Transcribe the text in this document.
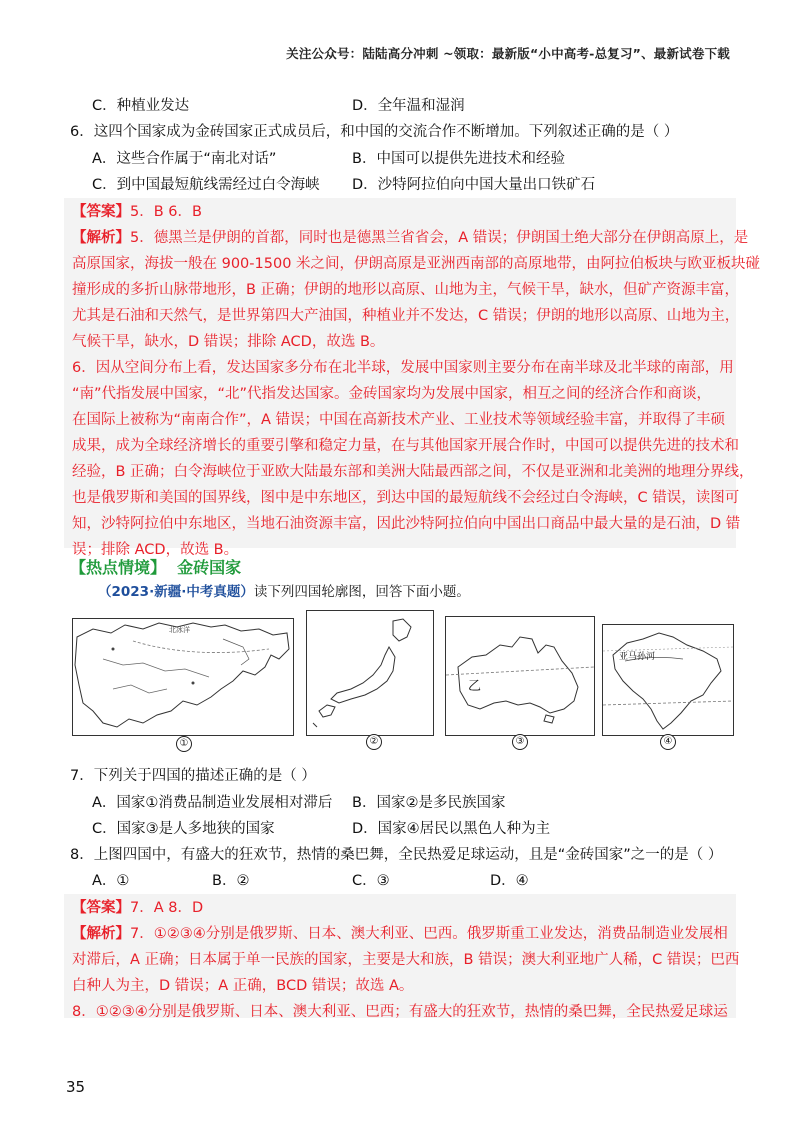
关注公众号：陆陆高分冲刺 ~领取：最新版“小中高考-总复习”、最新试卷下载
C．种植业发达	D．全年温和湿润
6．这四个国家成为金砖国家正式成员后，和中国的交流合作不断增加。下列叙述正确的是（ ）
A．这些合作属于“南北对话”	B．中国可以提供先进技术和经验
C．到中国最短航线需经过白令海峡 D．沙特阿拉伯向中国大量出口铁矿石
【答案】5．B 6．B
【解析】5．德黑兰是伊朗的首都，同时也是德黑兰省省会，A 错误；伊朗国土绝大部分在伊朗高原上，是
高原国家，海拔一般在 900-1500 米之间，伊朗高原是亚洲西南部的高原地带，由阿拉伯板块与欧亚板块碰
撞形成的多折山脉带地形，B 正确；伊朗的地形以高原、山地为主，气候干旱，缺水，但矿产资源丰富，
尤其是石油和天然气，是世界第四大产油国，种植业并不发达，C 错误；伊朗的地形以高原、山地为主，
气候干旱，缺水，D 错误；排除 ACD，故选 B。
6．因从空间分布上看，发达国家多分布在北半球，发展中国家则主要分布在南半球及北半球的南部，用
“南”代指发展中国家，“北”代指发达国家。金砖国家均为发展中国家，相互之间的经济合作和商谈，
在国际上被称为“南南合作”，A 错误；中国在高新技术产业、工业技术等领域经验丰富，并取得了丰硕
成果，成为全球经济增长的重要引擎和稳定力量，在与其他国家开展合作时，中国可以提供先进的技术和
经验，B 正确；白令海峡位于亚欧大陆最东部和美洲大陆最西部之间，不仅是亚洲和北美洲的地理分界线，
也是俄罗斯和美国的国界线，图中是中东地区，到达中国的最短航线不会经过白令海峡，C 错误，读图可
知，沙特阿拉伯中东地区，当地石油资源丰富，因此沙特阿拉伯向中国出口商品中最大量的是石油，D 错
误；排除 ACD，故选 B。
【热点情境】 金砖国家
（2023·新疆·中考真题）读下列四国轮廓图，回答下面小题。
北冰洋
①	②
乙
③
亚马孙河
④
7．下列关于四国的描述正确的是（ ）
A．国家①消费品制造业发展相对滞后 B．国家②是多民族国家
C．国家③是人多地狭的国家	D．国家④居民以黑色人种为主
8．上图四国中，有盛大的狂欢节，热情的桑巴舞，全民热爱足球运动，且是“金砖国家”之一的是（ ）
A．①	B．②	C．③	D．④
【答案】7．A 8．D
【解析】7．①②③④分别是俄罗斯、日本、澳大利亚、巴西。俄罗斯重工业发达，消费品制造业发展相
对滞后，A 正确；日本属于单一民族的国家，主要是大和族，B 错误；澳大利亚地广人稀，C 错误；巴西
白种人为主，D 错误；A 正确，BCD 错误；故选 A。
8．①②③④分别是俄罗斯、日本、澳大利亚、巴西；有盛大的狂欢节，热情的桑巴舞，全民热爱足球运
35
